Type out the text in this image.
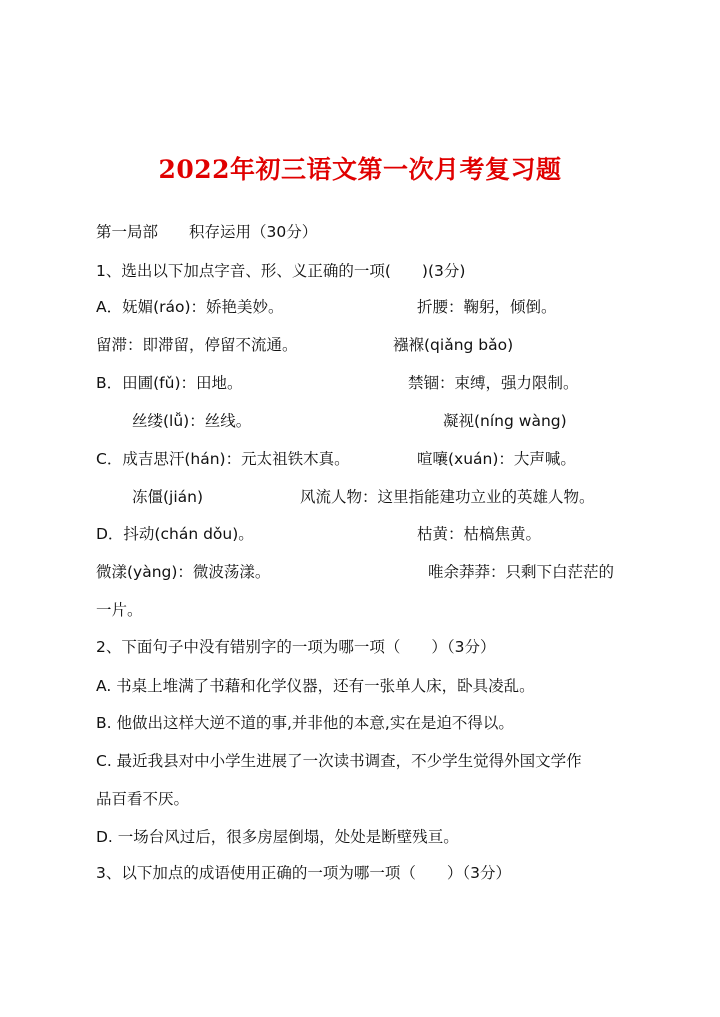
2022年初三语文第一次月考复习题
第一局部　　积存运用（30分）
1、选出以下加点字音、形、义正确的一项(　　)(3分)
A．妩媚(ráo)：娇艳美妙。	折腰：鞠躬，倾倒。
留滞：即滞留，停留不流通。	襁褓(qiǎng bǎo)
B．田圃(fǔ)：田地。	禁锢：束缚，强力限制。
丝缕(lǚ)：丝线。	凝视(níng wàng)
C．成吉思汗(hán)：元太祖铁木真。	喧嚷(xuán)：大声喊。
冻僵(jián)	风流人物：这里指能建功立业的英雄人物。
D．抖动(chán dǒu)。	枯黄：枯槁焦黄。
微漾(yàng)：微波荡漾。	唯余莽莽：只剩下白茫茫的
一片。
2、下面句子中没有错别字的一项为哪一项（　　）（3分）
A. 书桌上堆满了书藉和化学仪器，还有一张单人床，卧具凌乱。
B. 他做出这样大逆不道的事,并非他的本意,实在是迫不得以。
C. 最近我县对中小学生进展了一次读书调查，不少学生觉得外国文学作
品百看不厌。
D. 一场台风过后，很多房屋倒塌，处处是断壁残亘。
3、以下加点的成语使用正确的一项为哪一项（　　）（3分）
